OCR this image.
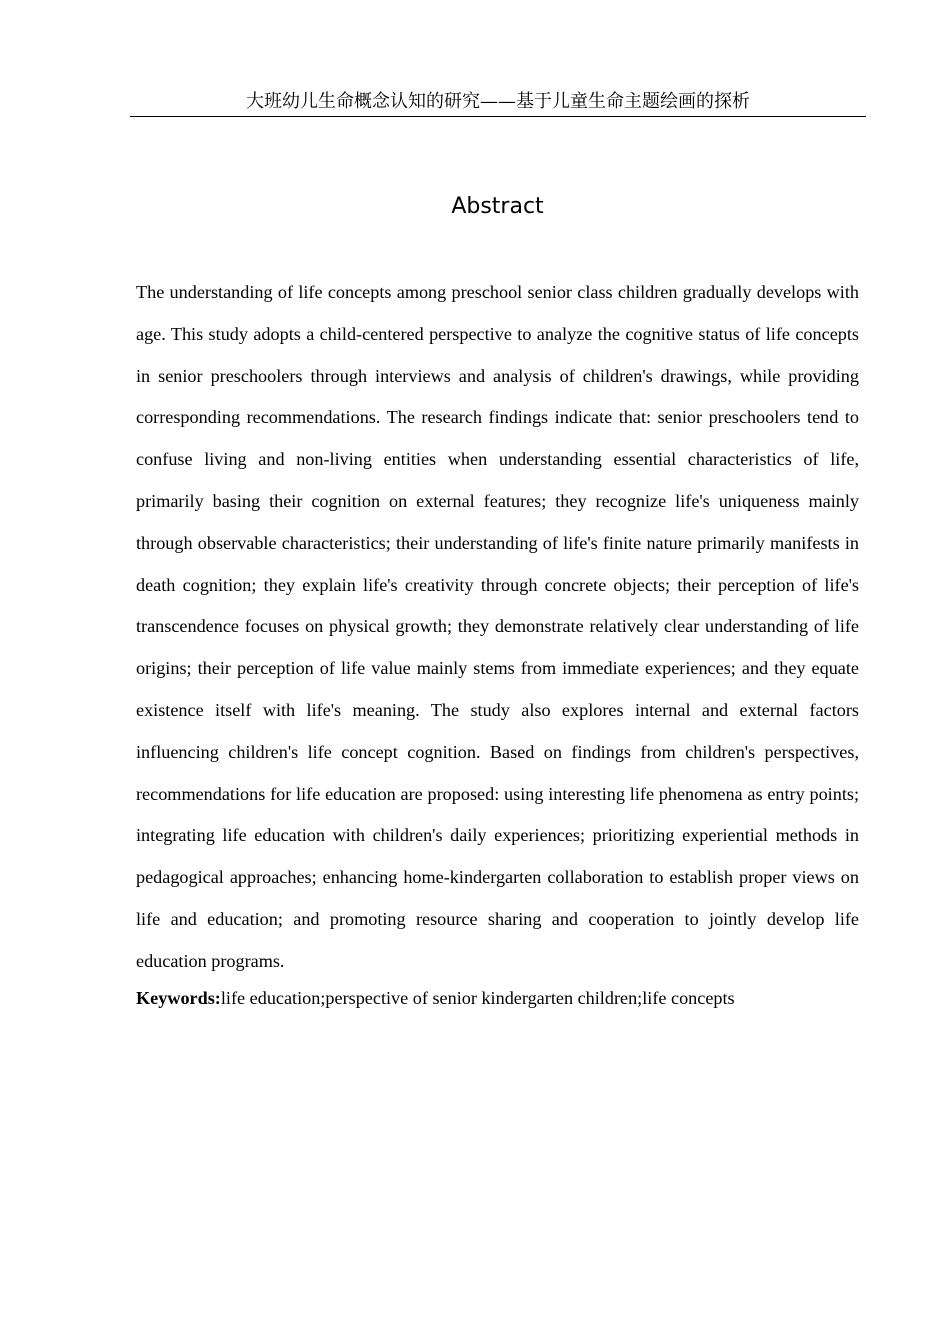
大班幼儿生命概念认知的研究——基于儿童生命主题绘画的探析
Abstract

The understanding of life concepts among preschool senior class children gradually develops with age. This study adopts a child-centered perspective to analyze the cognitive status of life concepts in senior preschoolers through interviews and analysis of children's drawings, while providing corresponding recommendations. The research findings indicate that: senior preschoolers tend to confuse living and non-living entities when understanding essential characteristics of life, primarily basing their cognition on external features; they recognize life's uniqueness mainly through observable characteristics; their understanding of life's finite nature primarily manifests in death cognition; they explain life's creativity through concrete objects; their perception of life's transcendence focuses on physical growth; they demonstrate relatively clear understanding of life origins; their perception of life value mainly stems from immediate experiences; and they equate existence itself with life's meaning. The study also explores internal and external factors influencing children's life concept cognition. Based on findings from children's perspectives, recommendations for life education are proposed: using interesting life phenomena as entry points; integrating life education with children's daily experiences; prioritizing experiential methods in pedagogical approaches; enhancing home-kindergarten collaboration to establish proper views on life and education; and promoting resource sharing and cooperation to jointly develop life education programs.

Keywords:life education;perspective of senior kindergarten children;life concepts
